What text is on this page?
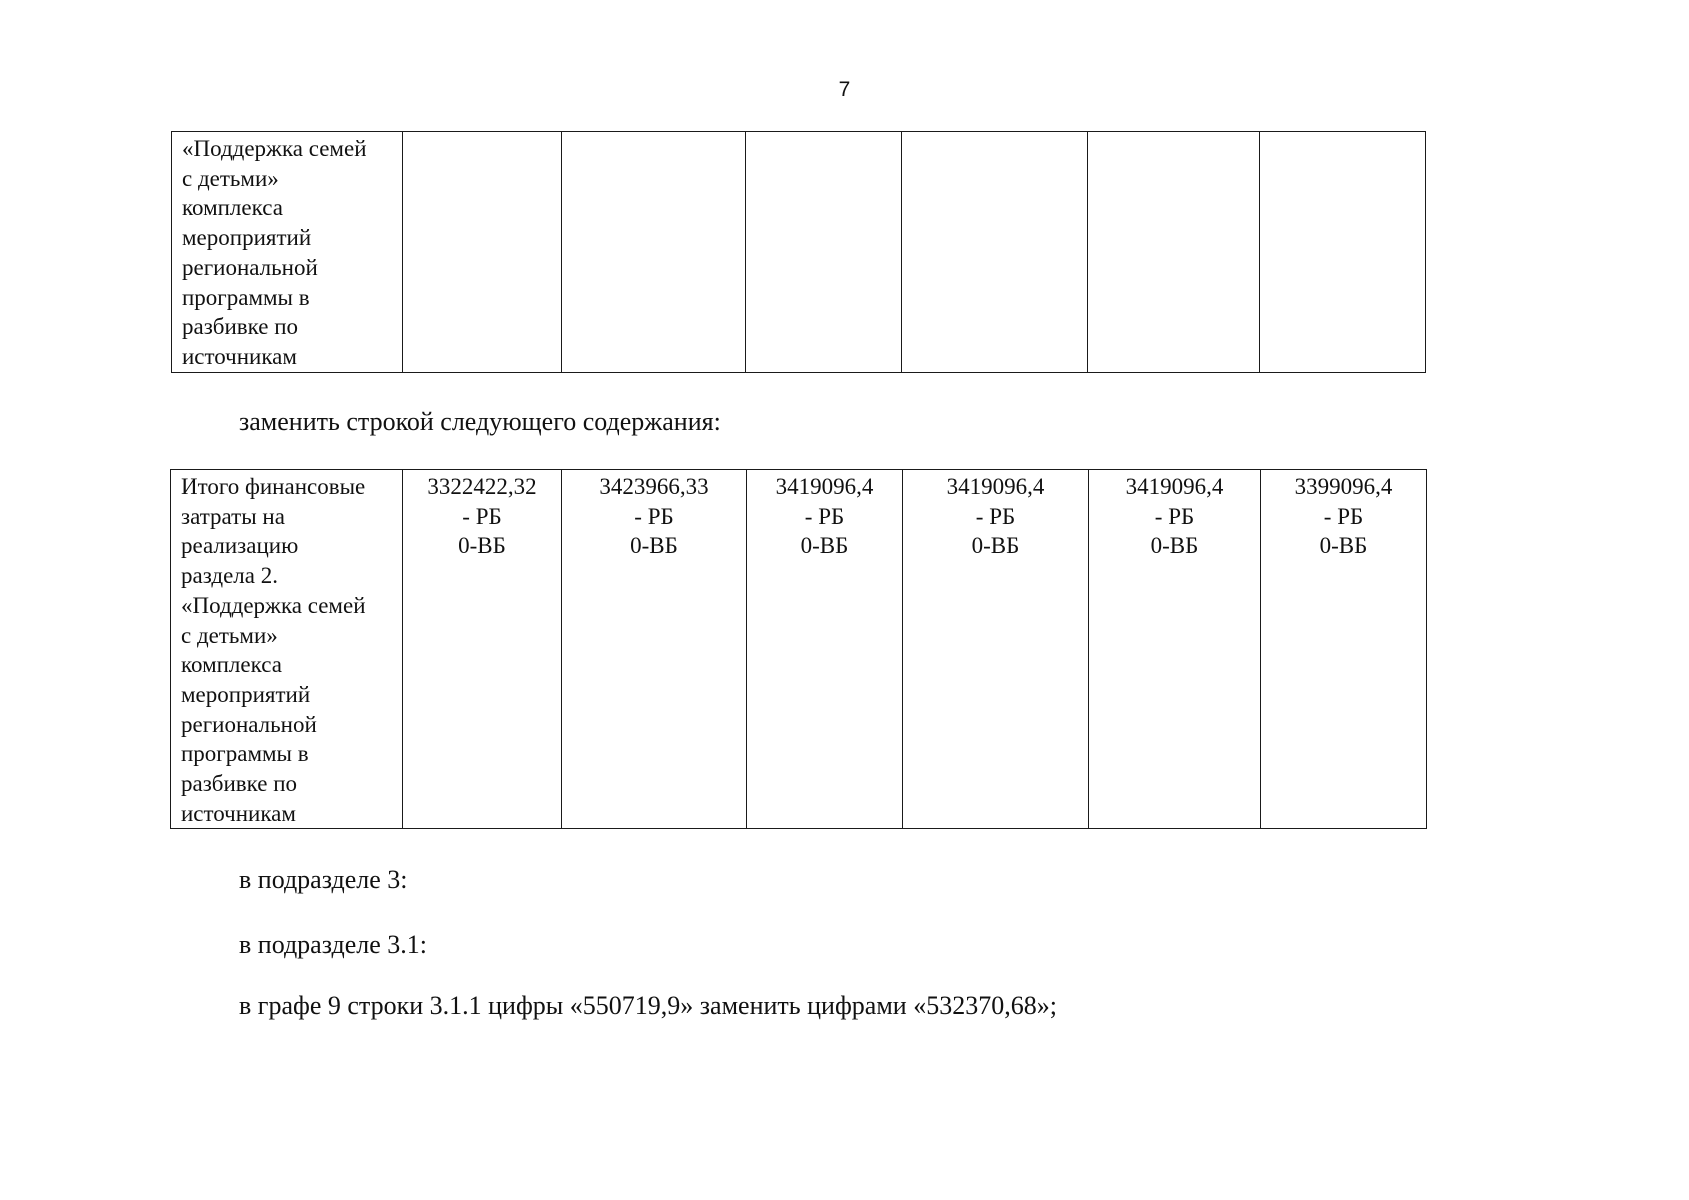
7
«Поддержка семей
с детьми»
комплекса
мероприятий
региональной
программы в
разбивке по
источникам

заменить строкой следующего содержания:
Итого финансовые
затраты на
реализацию
раздела 2.
«Поддержка семей
с детьми»
комплекса
мероприятий
региональной
программы в
разбивке по
источникам

3322422,32
- РБ
0-ВБ

3423966,33
- РБ
0-ВБ

3419096,4
- РБ
0-ВБ

3419096,4
- РБ
0-ВБ

3419096,4
- РБ
0-ВБ

3399096,4
- РБ
0-ВБ
в подразделе 3:
в подразделе 3.1:
в графе 9 строки 3.1.1 цифры «550719,9» заменить цифрами «532370,68»;
